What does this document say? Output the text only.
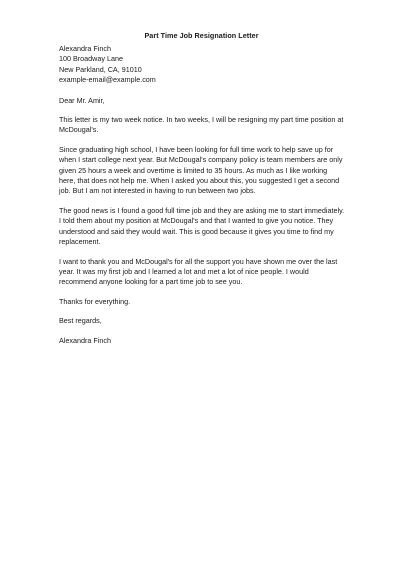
Part Time Job Resignation Letter

Alexandra Finch

100 Broadway Lane

New Parkland, CA, 91010

example-email@example.com

Dear Mr. Amir,

This letter is my two week notice. In two weeks, I will be resigning my part time position at

McDougal's.

Since graduating high school, I have been looking for full time work to help save up for

when I start college next year. But McDougal's company policy is team members are only

given 25 hours a week and overtime is limited to 35 hours. As much as I like working

here, that does not help me. When I asked you about this, you suggested I get a second

job. But I am not interested in having to run between two jobs.

The good news is I found a good full time job and they are asking me to start immediately.

I told them about my position at McDougal's and that I wanted to give you notice. They

understood and said they would wait. This is good because it gives you time to find my

replacement.

I want to thank you and McDougal's for all the support you have shown me over the last

year. It was my first job and I learned a lot and met a lot of nice people. I would

recommend anyone looking for a part time job to see you.

Thanks for everything.

Best regards,

Alexandra Finch
